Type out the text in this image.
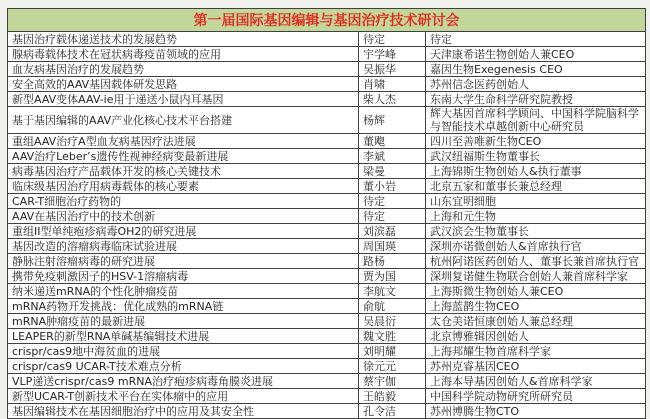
第一届国际基因编辑与基因治疗技术研讨会		
基因治疗载体递送技术的发展趋势	待定	待定
腺病毒载体技术在冠状病毒疫苗领域的应用	宇学峰	天津康希诺生物创始人兼CEO
血友病基因治疗的发展趋势	吴振华	嘉因生物Exegenesis CEO
安全高效的AAV基因载体研发思路	肖啸	苏州信念医药创始人
新型AAV变体AAV-ie用于递送小鼠内耳基因	柴人杰	东南大学生命科学研究院教授
基于基因编辑的AAV产业化核心技术平台搭建	杨辉	辉大基因首席科学顾问、中国科学院脑科学与智能技术卓越创新中心研究员
重组AAV治疗A型血友病基因疗法进展	董飑	四川至善唯新生物CEO
AAV治疗Leber’s遗传性视神经病变最新进展	李斌	武汉纽福斯生物董事长
病毒基因治疗产品载体开发的核心关键技术	梁曼	上海锦斯生物创始人&执行董事
临床级基因治疗用病毒载体的核心要素	董小岩	北京五家和董事长兼总经理
CAR-T细胞治疗药物的	待定	山东宜明细胞
AAV在基因治疗中的技术创新	待定	上海和元生物
重组II型单纯疱疹病毒OH2的研究进展	刘滨磊	武汉滨会生物董事长
基因改造的溶瘤病毒临床试验进展	周国瑛	深圳亦诺微创始人&首席执行官
静脉注射溶瘤病毒的研究进展	路杨	杭州阿诺医药创始人、董事长兼首席执行官
携带免疫刺激因子的HSV-1溶瘤病毒	贾为国	深圳复诺健生物联合创始人兼首席科学家
纳米递送mRNA的个性化肿瘤疫苗	李航文	上海斯微生物创始人兼CEO
mRNA药物开发挑战：优化成熟的mRNA链	俞航	上海蓝鹊生物CEO
mRNA肿瘤疫苗的最新进展	吴晨衍	太仓美诺恒康创始人兼总经理
LEAPER的新型RNA单碱基编辑技术进展	魏文胜	北京博雅辑因创始人
crispr/cas9地中海贫血的进展	刘明耀	上海邦耀生物首席科学家
crispr/cas9 UCAR-T技术难点分析	徐元元	苏州克睿基因CEO
VLP递送crispr/cas9 mRNA治疗疱疹病毒角膜炎进展	蔡宇伽	上海本导基因创始人&首席科学家
新型UCAR-T创新技术平台在实体瘤中的应用	王皓毅	中国科学院动物研究所研究员
基因编辑技术在基因细胞治疗中的应用及其安全性	孔令洁	苏州博腾生物CTO
